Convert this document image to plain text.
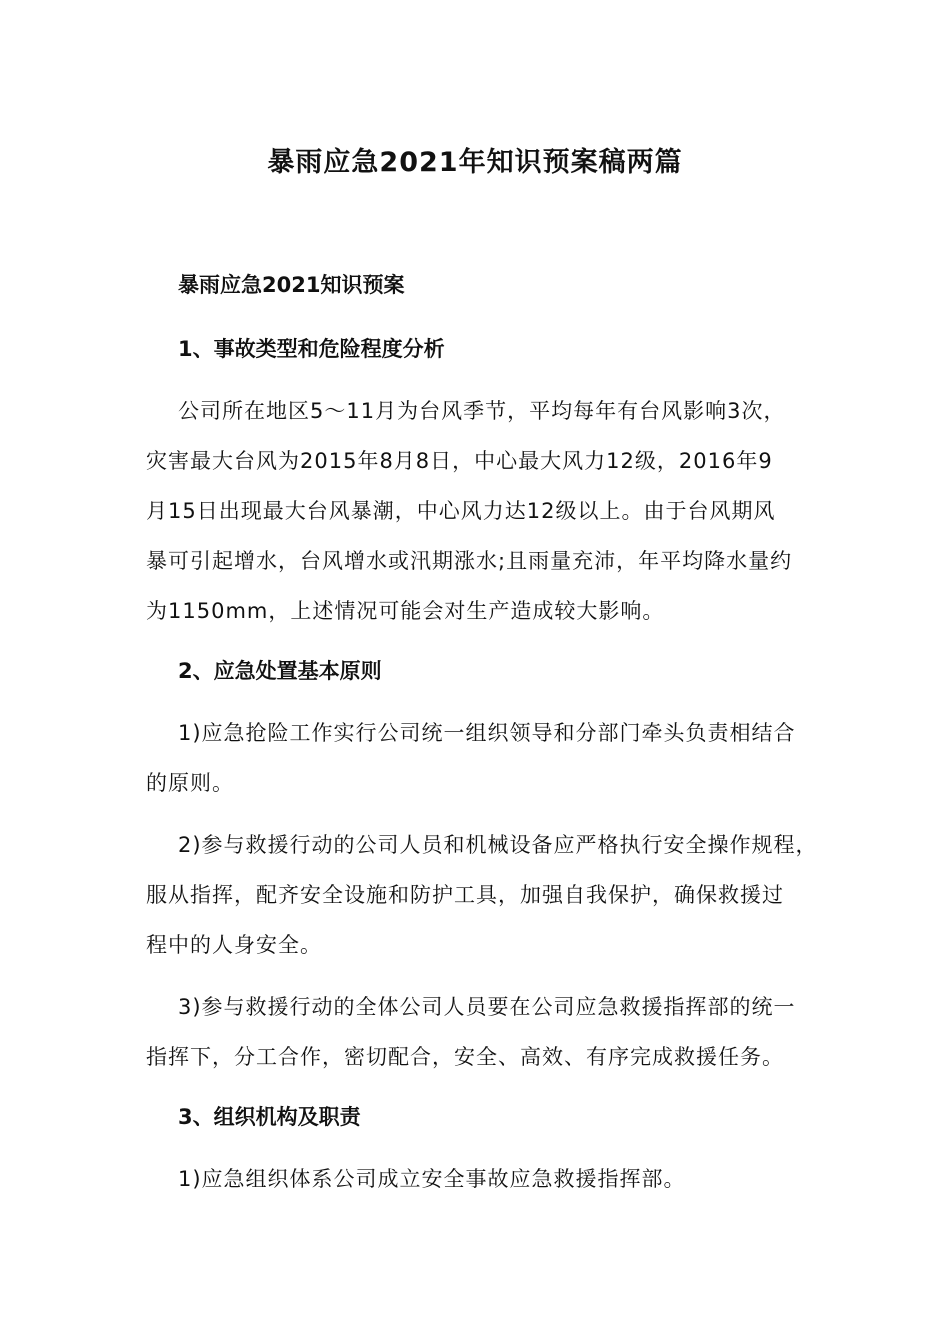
暴雨应急2021年知识预案稿两篇
暴雨应急2021知识预案
1、事故类型和危险程度分析
公司所在地区5～11月为台风季节，平均每年有台风影响3次，
灾害最大台风为2015年8月8日，中心最大风力12级，2016年9
月15日出现最大台风暴潮，中心风力达12级以上。由于台风期风
暴可引起增水，台风增水或汛期涨水;且雨量充沛，年平均降水量约
为1150mm，上述情况可能会对生产造成较大影响。
2、应急处置基本原则
1)应急抢险工作实行公司统一组织领导和分部门牵头负责相结合
的原则。
2)参与救援行动的公司人员和机械设备应严格执行安全操作规程，
服从指挥，配齐安全设施和防护工具，加强自我保护，确保救援过
程中的人身安全。
3)参与救援行动的全体公司人员要在公司应急救援指挥部的统一
指挥下，分工合作，密切配合，安全、高效、有序完成救援任务。
3、组织机构及职责
1)应急组织体系公司成立安全事故应急救援指挥部。
